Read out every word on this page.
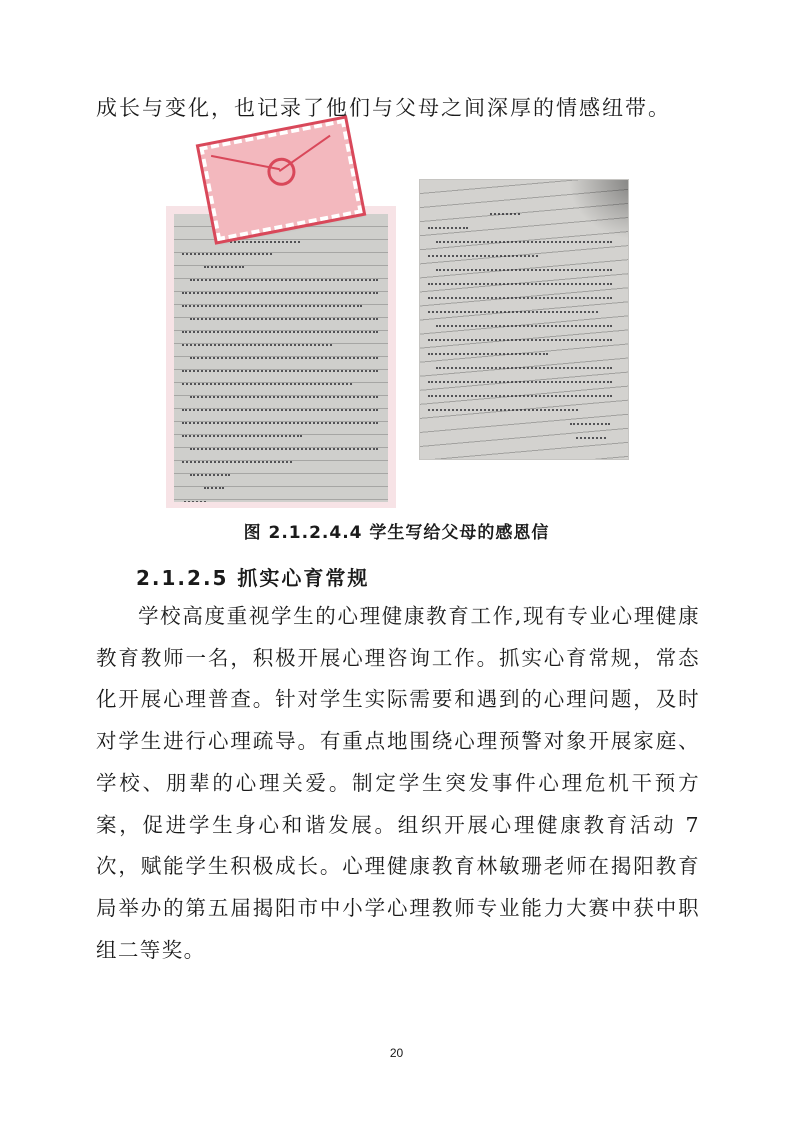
成长与变化，也记录了他们与父母之间深厚的情感纽带。
图 2.1.2.4.4 学生写给父母的感恩信
2.1.2.5 抓实心育常规

学校高度重视学生的心理健康教育工作,现有专业心理健康教育教师一名，积极开展心理咨询工作。抓实心育常规，常态化开展心理普查。针对学生实际需要和遇到的心理问题，及时对学生进行心理疏导。有重点地围绕心理预警对象开展家庭、学校、朋辈的心理关爱。制定学生突发事件心理危机干预方案，促进学生身心和谐发展。组织开展心理健康教育活动 7 次，赋能学生积极成长。心理健康教育林敏珊老师在揭阳教育局举办的第五届揭阳市中小学心理教师专业能力大赛中获中职组二等奖。

20
